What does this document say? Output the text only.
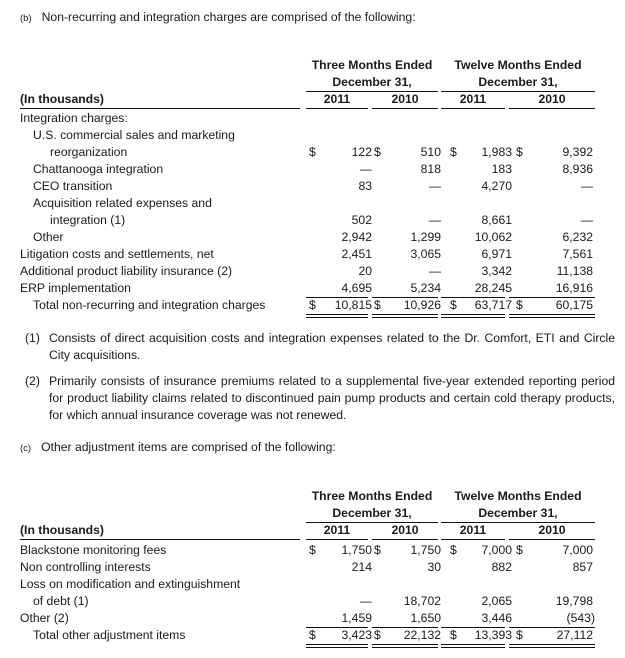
(b) Non-recurring and integration charges are comprised of the following:
Three Months Ended
December 31,
Twelve Months Ended
December 31,
(In thousands)	2011	2010	2011	2010
Integration charges:
U.S. commercial sales and marketing
reorganization	$	122 $	510 $	1,983 $	9,392
Chattanooga integration	—	818	183	8,936
CEO transition	83	—	4,270	—
Acquisition related expenses and
integration (1)	502	—	8,661	—
Other	2,942	1,299	10,062	6,232
Litigation costs and settlements, net	2,451	3,065	6,971	7,561
Additional product liability insurance (2)	20	—	3,342	11,138
ERP implementation	4,695	5,234	28,245	16,916
Total non-recurring and integration charges	$	10,815 $	10,926 $	63,717 $	60,175
(1) Consists of direct acquisition costs and integration expenses related to the Dr. Comfort, ETI and Circle City acquisitions.
(2) Primarily consists of insurance premiums related to a supplemental five-year extended reporting period for product liability claims related to discontinued pain pump products and certain cold therapy products, for which annual insurance coverage was not renewed.
(c) Other adjustment items are comprised of the following:
Three Months Ended
December 31,
Twelve Months Ended
December 31,
(In thousands)	2011	2010	2011	2010
Blackstone monitoring fees	$	1,750 $	1,750 $	7,000 $	7,000
Non controlling interests	214	30	882	857
Loss on modification and extinguishment
of debt (1)	—	18,702	2,065	19,798
Other (2)	1,459	1,650	3,446	(543)
Total other adjustment items	$	3,423 $	22,132 $	13,393 $	27,112
